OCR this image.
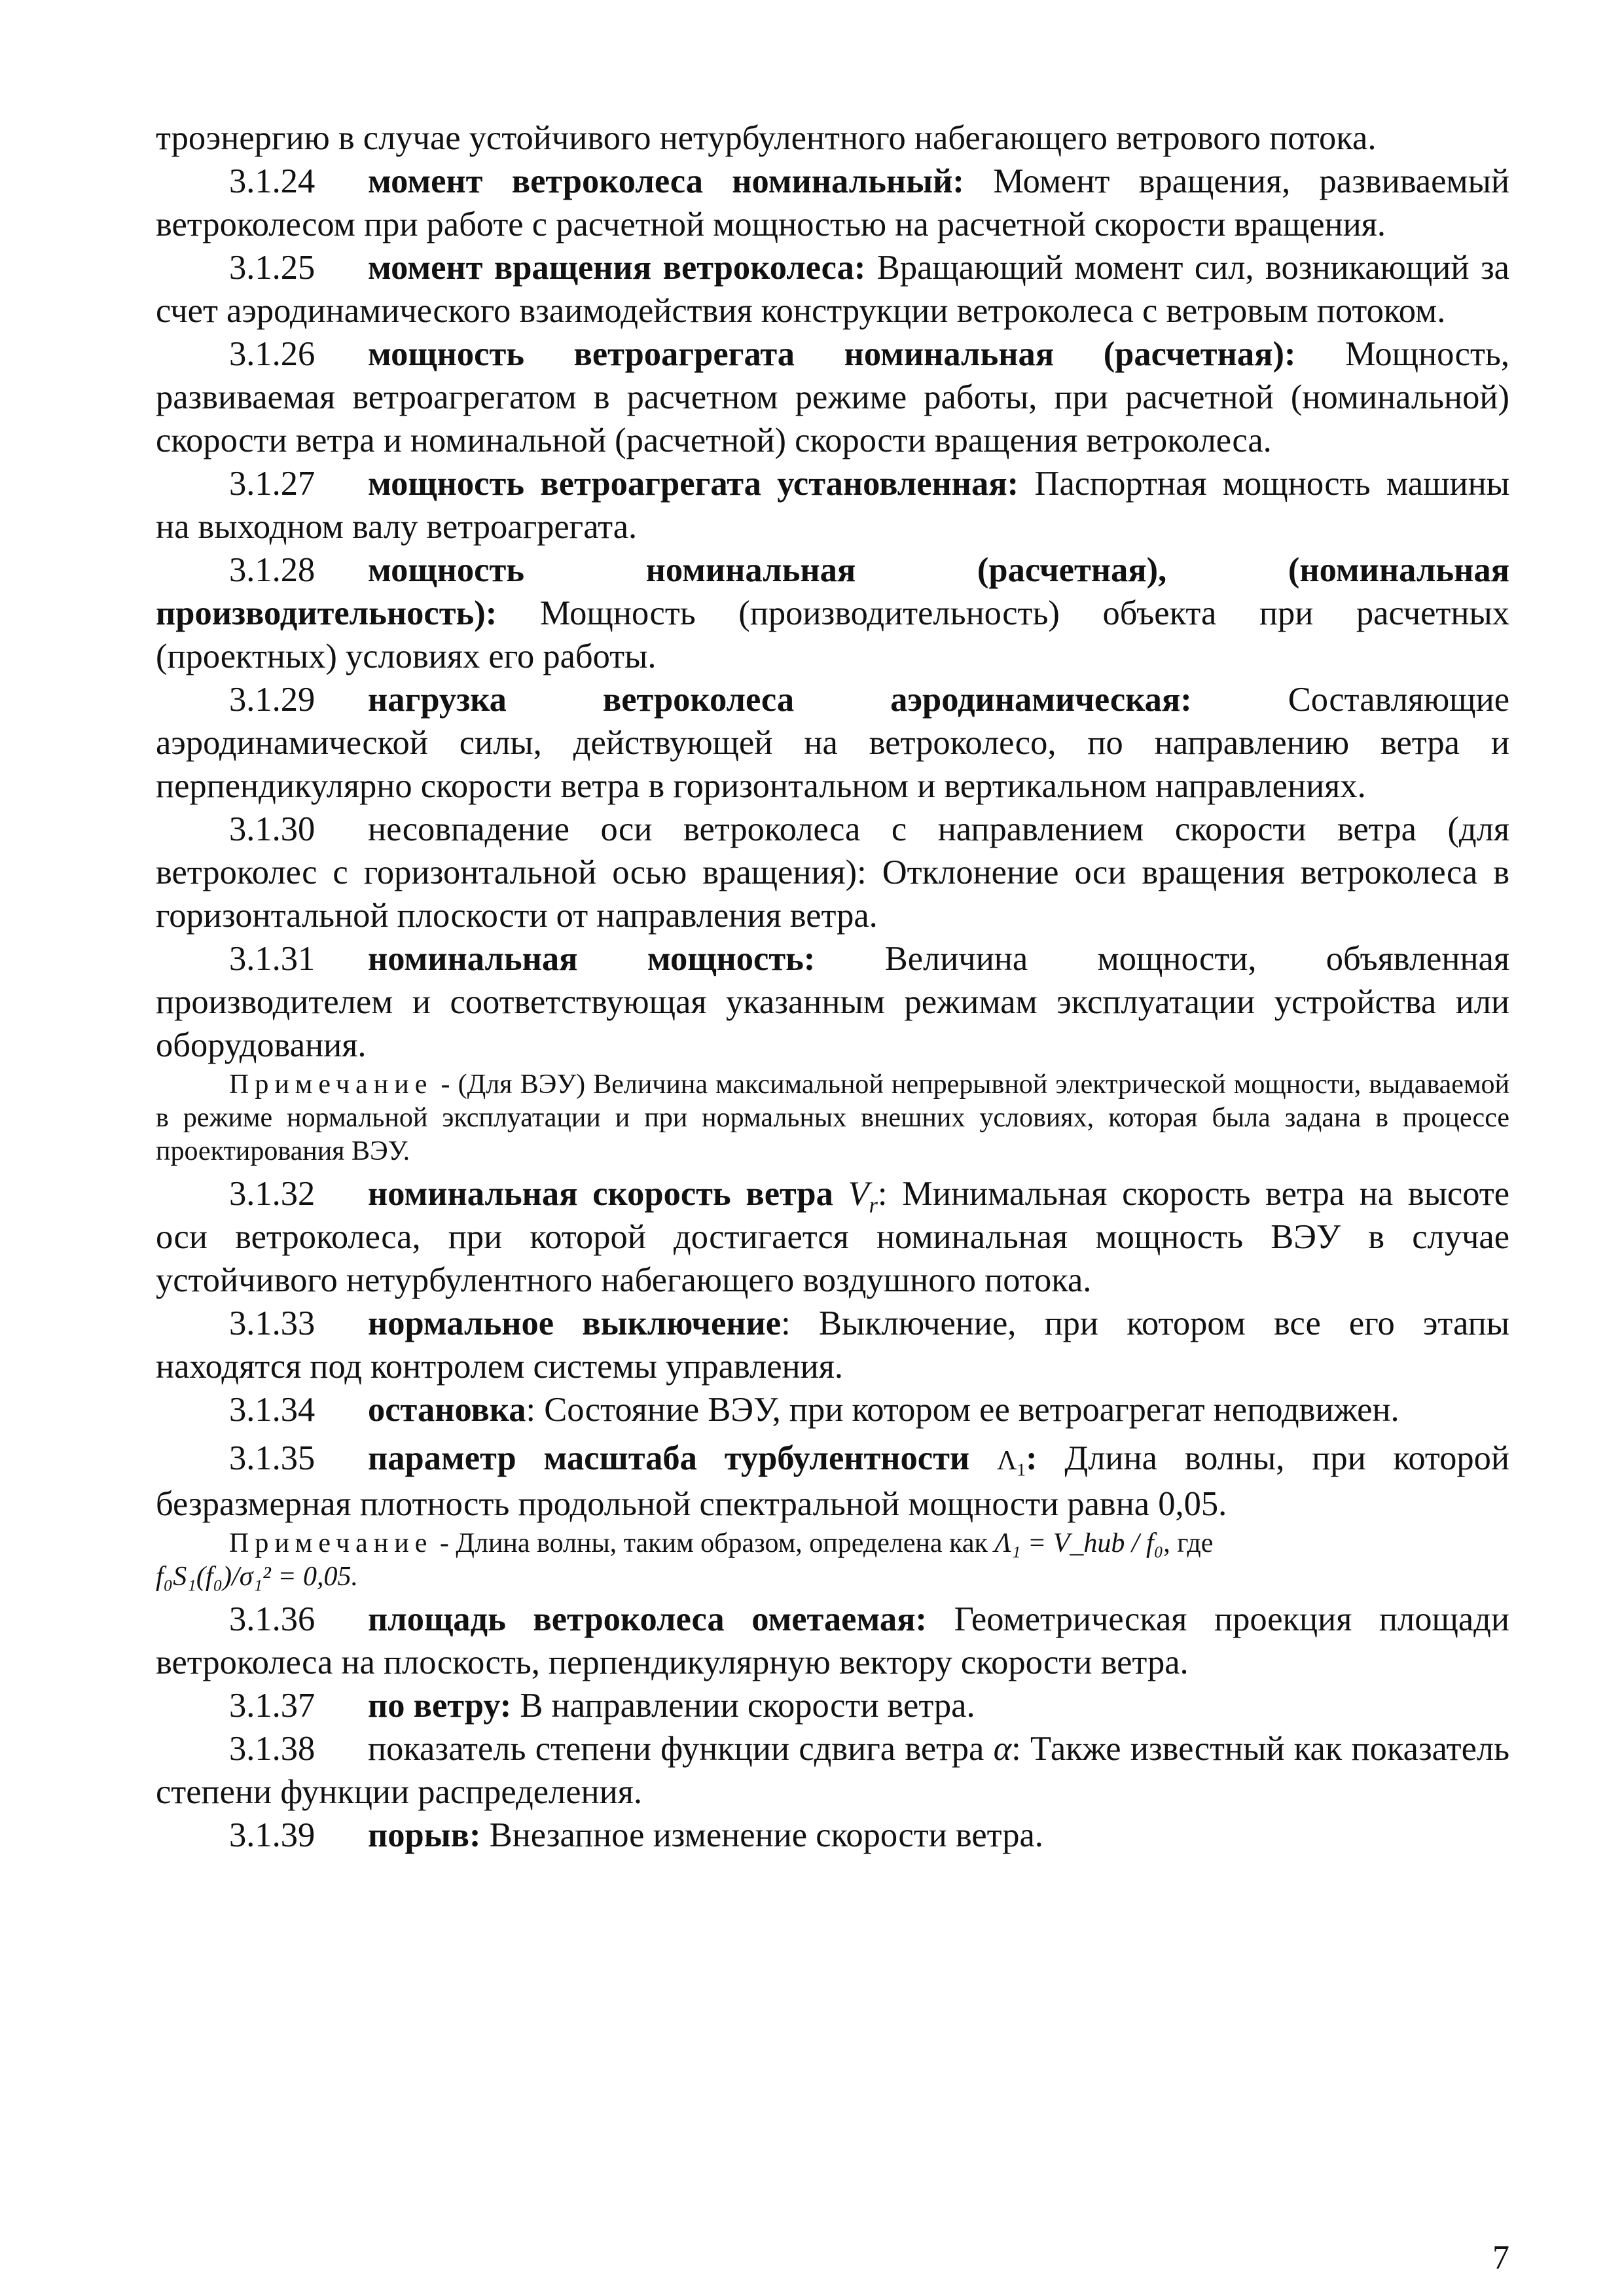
троэнергию в случае устойчивого нетурбулентного набегающего ветрового потока.

3.1.24 момент ветроколеса номинальный: Момент вращения, развиваемый ветроколесом при работе с расчетной мощностью на расчетной скорости вращения.

3.1.25 момент вращения ветроколеса: Вращающий момент сил, возникающий за счет аэродинамического взаимодействия конструкции ветроколеса с ветровым потоком.

3.1.26 мощность ветроагрегата номинальная (расчетная): Мощность, развиваемая ветроагрегатом в расчетном режиме работы, при расчетной (номинальной) скорости ветра и номинальной (расчетной) скорости вращения ветроколеса.

3.1.27 мощность ветроагрегата установленная: Паспортная мощность машины на выходном валу ветроагрегата.

3.1.28 мощность номинальная (расчетная), (номинальная производительность): Мощность (производительность) объекта при расчетных (проектных) условиях его работы.

3.1.29 нагрузка ветроколеса аэродинамическая: Составляющие аэродинамической силы, действующей на ветроколесо, по направлению ветра и перпендикулярно скорости ветра в горизонтальном и вертикальном направлениях.

3.1.30 несовпадение оси ветроколеса с направлением скорости ветра (для ветроколес с горизонтальной осью вращения): Отклонение оси вращения ветроколеса в горизонтальной плоскости от направления ветра.

3.1.31 номинальная мощность: Величина мощности, объявленная производителем и соответствующая указанным режимам эксплуатации устройства или оборудования.

Примечание - (Для ВЭУ) Величина максимальной непрерывной электрической мощности, выдаваемой в режиме нормальной эксплуатации и при нормальных внешних условиях, которая была задана в процессе проектирования ВЭУ.

3.1.32 номинальная скорость ветра $V_r$: Минимальная скорость ветра на высоте оси ветроколеса, при которой достигается номинальная мощность ВЭУ в случае устойчивого нетурбулентного набегающего воздушного потока.

3.1.33 нормальное выключение: Выключение, при котором все его этапы находятся под контролем системы управления.

3.1.34 остановка: Состояние ВЭУ, при котором ее ветроагрегат неподвижен.

3.1.35 параметр масштаба турбулентности $\Lambda_1$: Длина волны, при которой безразмерная плотность продольной спектральной мощности равна 0,05.

Примечание - Длина волны, таким образом, определена как Λ₁ = V_hub / f₀, где
f₀S₁(f₀)/σ₁² = 0,05.

3.1.36 площадь ветроколеса ометаемая: Геометрическая проекция площади ветроколеса на плоскость, перпендикулярную вектору скорости ветра.

3.1.37 по ветру: В направлении скорости ветра.

3.1.38 показатель степени функции сдвига ветра α: Также известный как показатель степени функции распределения.

3.1.39 порыв: Внезапное изменение скорости ветра.

7
